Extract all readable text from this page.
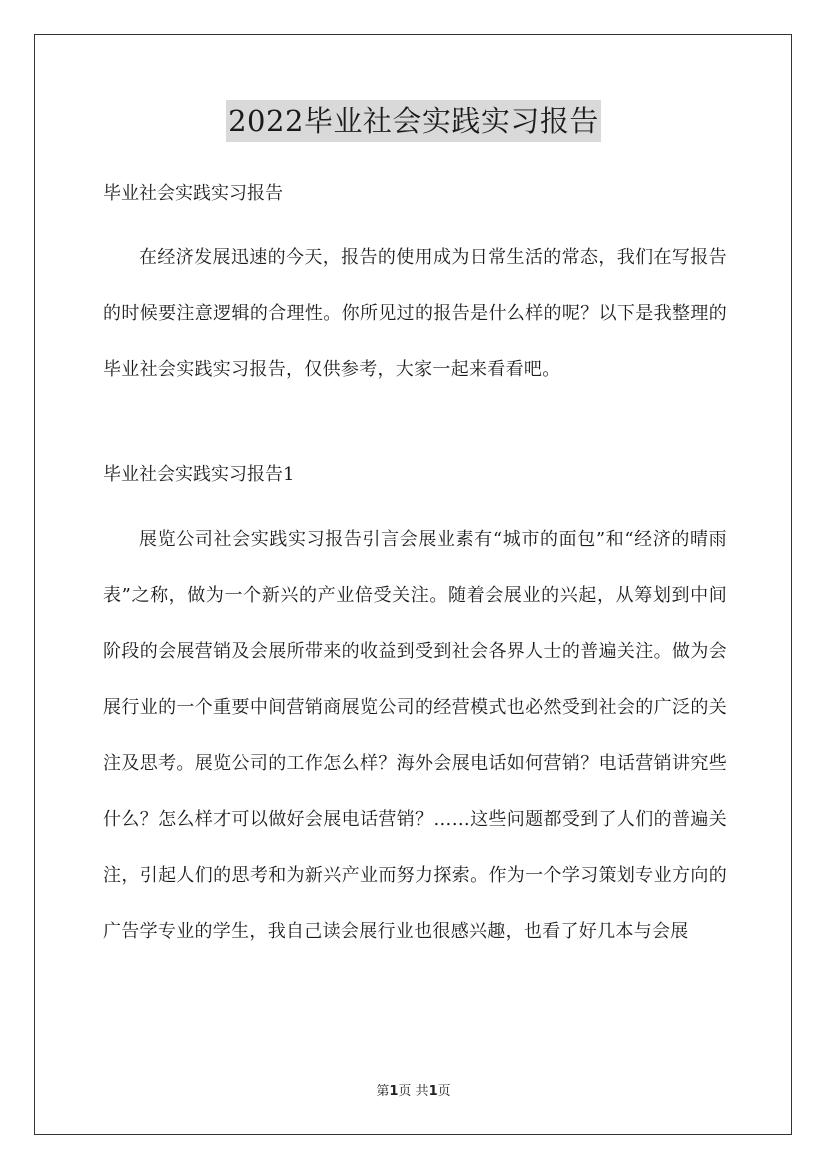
2022毕业社会实践实习报告
毕业社会实践实习报告

在经济发展迅速的今天，报告的使用成为日常生活的常态，我们在写报告的时候要注意逻辑的合理性。你所见过的报告是什么样的呢？以下是我整理的毕业社会实践实习报告，仅供参考，大家一起来看看吧。

毕业社会实践实习报告1

展览公司社会实践实习报告引言会展业素有“城市的面包”和“经济的晴雨表”之称，做为一个新兴的产业倍受关注。随着会展业的兴起，从筹划到中间阶段的会展营销及会展所带来的收益到受到社会各界人士的普遍关注。做为会展行业的一个重要中间营销商展览公司的经营模式也必然受到社会的广泛的关注及思考。展览公司的工作怎么样？海外会展电话如何营销？电话营销讲究些什么？怎么样才可以做好会展电话营销？……这些问题都受到了人们的普遍关注，引起人们的思考和为新兴产业而努力探索。作为一个学习策划专业方向的广告学专业的学生，我自己读会展行业也很感兴趣，也看了好几本与会展

第1页 共1页
